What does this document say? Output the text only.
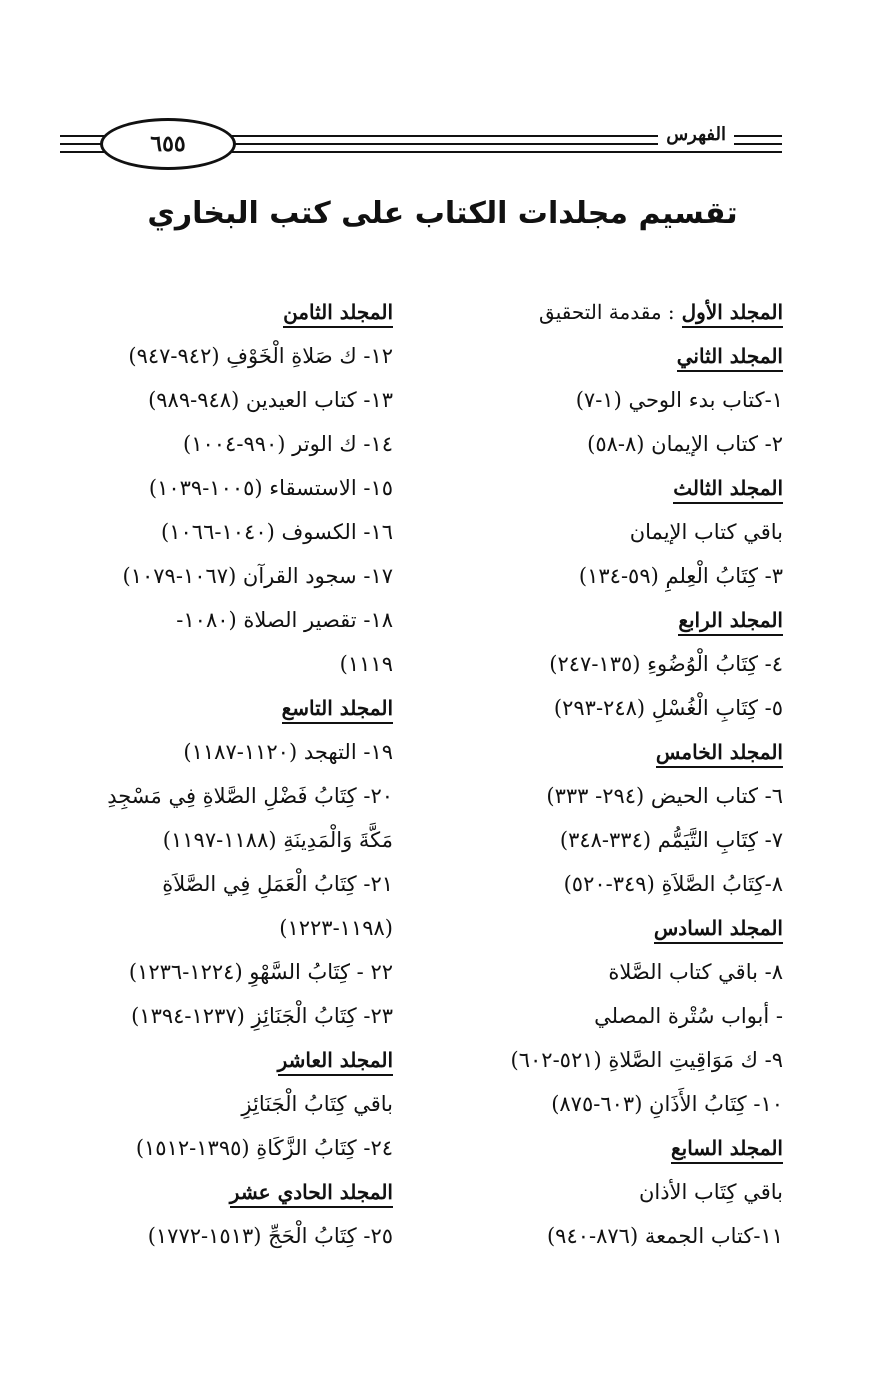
الفهرس
٦٥٥
تقسيم مجلدات الكتاب على كتب البخاري
المجلد الأول : مقدمة التحقيق
المجلد الثاني
١-كتاب بدء الوحي (١-٧)
٢- كتاب الإيمان (٨-٥٨)
المجلد الثالث
باقي كتاب الإيمان
٣- كِتَابُ الْعِلمِ (٥٩-١٣٤)
المجلد الرابع
٤- كِتَابُ الْوُضُوءِ (١٣٥-٢٤٧)
٥- كِتَابِ الْغُسْلِ (٢٤٨-٢٩٣)
المجلد الخامس
٦- كتاب الحيض (٢٩٤- ٣٣٣)
٧- كِتَابِ التَّيَمُّم (٣٣٤-٣٤٨)
٨-كِتَابُ الصَّلاَةِ (٣٤٩-٥٢٠)
المجلد السادس
٨- باقي كتاب الصَّلاة
- أبواب سُتْرة المصلي
٩- ك مَوَاقِيتِ الصَّلاةِ (٥٢١-٦٠٢)
١٠- كِتَابُ الأَذَانِ (٦٠٣-٨٧٥)
المجلد السابع
باقي كِتَاب الأذان
١١-كتاب الجمعة (٨٧٦-٩٤٠)
المجلد الثامن
١٢- ك صَلاةِ الْخَوْفِ (٩٤٢-٩٤٧)
١٣- كتاب العيدين (٩٤٨-٩٨٩)
١٤- ك الوتر (٩٩٠-١٠٠٤)
١٥- الاستسقاء (١٠٠٥-١٠٣٩)
١٦- الكسوف (١٠٤٠-١٠٦٦)
١٧- سجود القرآن (١٠٦٧-١٠٧٩)
١٨- تقصير الصلاة (١٠٨٠-
١١١٩)
المجلد التاسع
١٩- التهجد (١١٢٠-١١٨٧)
٢٠- كِتَابُ فَضْلِ الصَّلاةِ فِي مَسْجِدِ
مَكَّةَ وَالْمَدِينَةِ (١١٨٨-١١٩٧)
٢١- كِتَابُ الْعَمَلِ فِي الصَّلاَةِ
(١١٩٨-١٢٢٣)
٢٢ - كِتَابُ السَّهْوِ (١٢٢٤-١٢٣٦)
٢٣- كِتَابُ الْجَنَائِزِ (١٢٣٧-١٣٩٤)
المجلد العاشر
باقي كِتَابُ الْجَنَائِزِ
٢٤- كِتَابُ الزَّكَاةِ (١٣٩٥-١٥١٢)
المجلد الحادي عشر
٢٥- كِتَابُ الْحَجِّ (١٥١٣-١٧٧٢)
